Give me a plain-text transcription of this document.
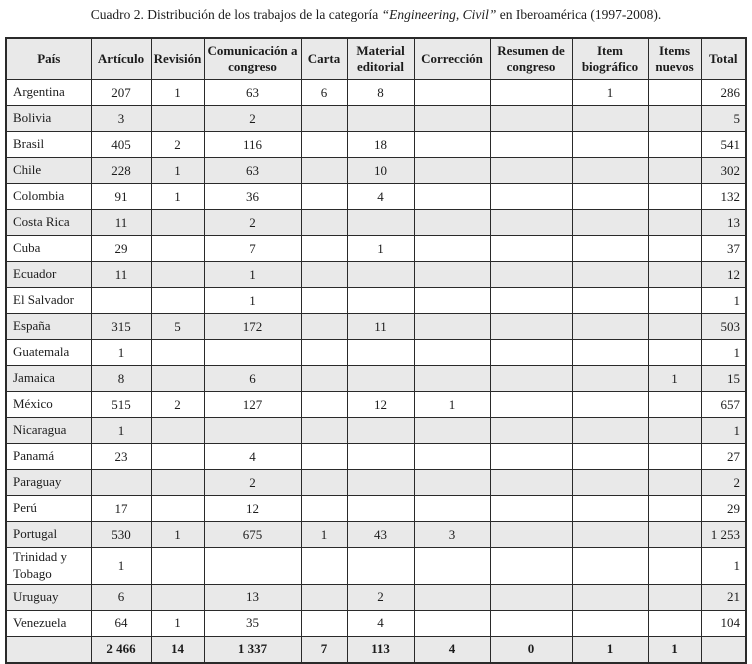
Cuadro 2. Distribución de los trabajos de la categoría “Engineering, Civil” en Iberoamérica (1997-2008).
País	Artículo	Revisión	Comunicación a congreso	Carta	Material editorial	Corrección	Resumen de congreso	Item biográfico	Items nuevos	Total
Argentina	207	1	63	6	8			1		286
Bolivia	3		2							5
Brasil	405	2	116		18					541
Chile	228	1	63		10					302
Colombia	91	1	36		4					132
Costa Rica	11		2							13
Cuba	29		7		1					37
Ecuador	11		1							12
El Salvador			1							1
España	315	5	172		11					503
Guatemala	1									1
Jamaica	8		6						1	15
México	515	2	127		12	1				657
Nicaragua	1									1
Panamá	23		4							27
Paraguay			2							2
Perú	17		12							29
Portugal	530	1	675	1	43	3				1 253
Trinidad y Tobago	1									1
Uruguay	6		13		2					21
Venezuela	64	1	35		4					104
	2 466	14	1 337	7	113	4	0	1	1	
